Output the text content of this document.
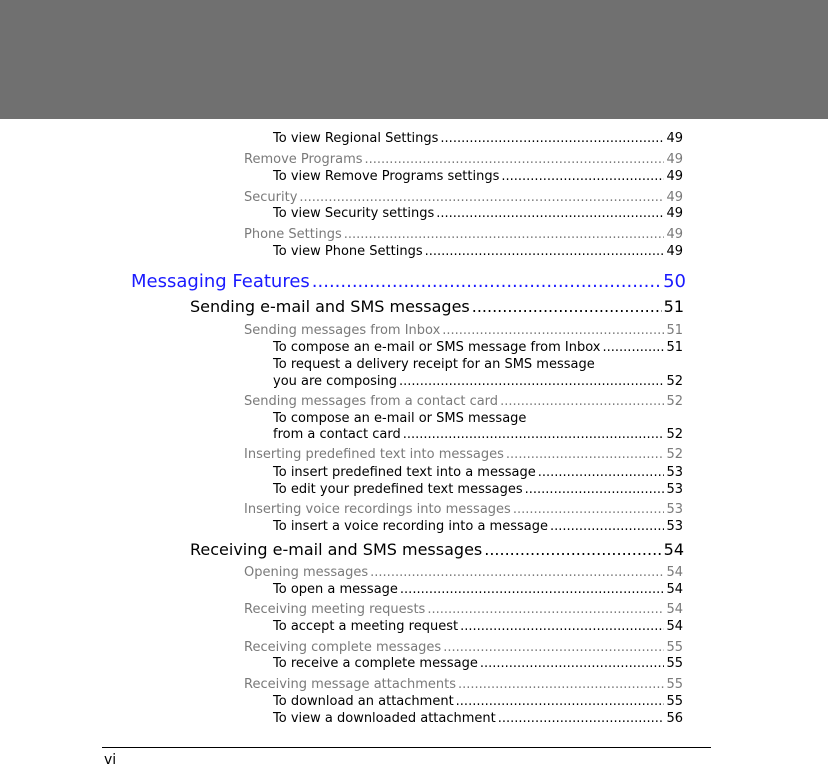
To view Regional Settings .....	49
Remove Programs .....	49
To view Remove Programs settings .....	49
Security .....	49
To view Security settings .....	49
Phone Settings .....	49
To view Phone Settings .....	49
Messaging Features .....	50
Sending e-mail and SMS messages .....	51
Sending messages from Inbox .....	51
To compose an e-mail or SMS message from Inbox .....	51
To request a delivery receipt for an SMS message
you are composing .....	52
Sending messages from a contact card .....	52
To compose an e-mail or SMS message
from a contact card .....	52
Inserting predefined text into messages .....	52
To insert predefined text into a message .....	53
To edit your predefined text messages .....	53
Inserting voice recordings into messages .....	53
To insert a voice recording into a message .....	53
Receiving e-mail and SMS messages .....	54
Opening messages .....	54
To open a message .....	54
Receiving meeting requests .....	54
To accept a meeting request .....	54
Receiving complete messages .....	55
To receive a complete message .....	55
Receiving message attachments .....	55
To download an attachment .....	55
To view a downloaded attachment .....	56
vi
